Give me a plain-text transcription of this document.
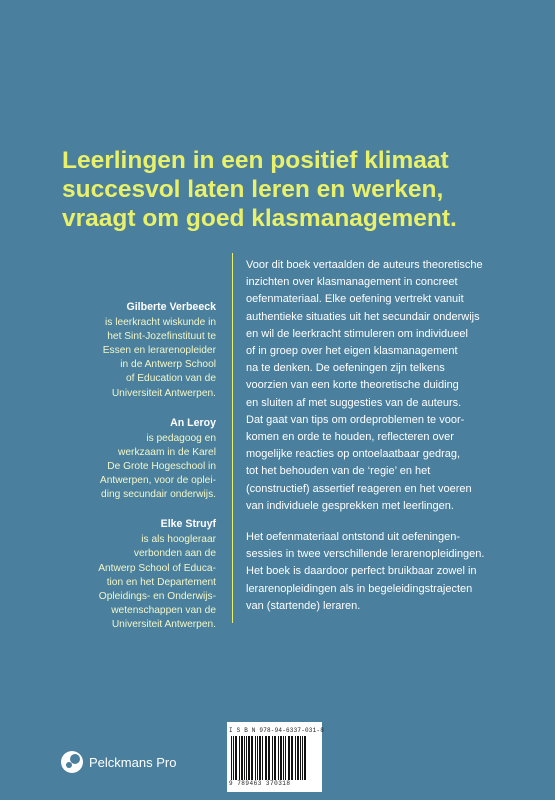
Leerlingen in een positief klimaat
succesvol laten leren en werken,
vraagt om goed klasmanagement.
Gilberte Verbeeck
is leerkracht wiskunde in
het Sint-Jozefinstituut te
Essen en lerarenopleider
in de Antwerp School
of Education van de
Universiteit Antwerpen.
An Leroy
is pedagoog en
werkzaam in de Karel
De Grote Hogeschool in
Antwerpen, voor de oplei-
ding secundair onderwijs.
Elke Struyf
is als hoogleraar
verbonden aan de
Antwerp School of Educa-
tion en het Departement
Opleidings- en Onderwijs-
wetenschappen van de
Universiteit Antwerpen.

Voor dit boek vertaalden de auteurs theoretische
inzichten over klasmanagement in concreet
oefenmateriaal. Elke oefening vertrekt vanuit
authentieke situaties uit het secundair onderwijs
en wil de leerkracht stimuleren om individueel
of in groep over het eigen klasmanagement
na te denken. De oefeningen zijn telkens
voorzien van een korte theoretische duiding
en sluiten af met suggesties van de auteurs.
Dat gaat van tips om ordeproblemen te voor-
komen en orde te houden, reflecteren over
mogelijke reacties op ontoelaatbaar gedrag,
tot het behouden van de ‘regie’ en het
(constructief) assertief reageren en het voeren
van individuele gesprekken met leerlingen.

Het oefenmateriaal ontstond uit oefeningen-
sessies in twee verschillende lerarenopleidingen.
Het boek is daardoor perfect bruikbaar zowel in
lerarenopleidingen als in begeleidingstrajecten
van (startende) leraren.

I S B N 978-94-6337-031-8
9 789463 370318
Pelckmans Pro
